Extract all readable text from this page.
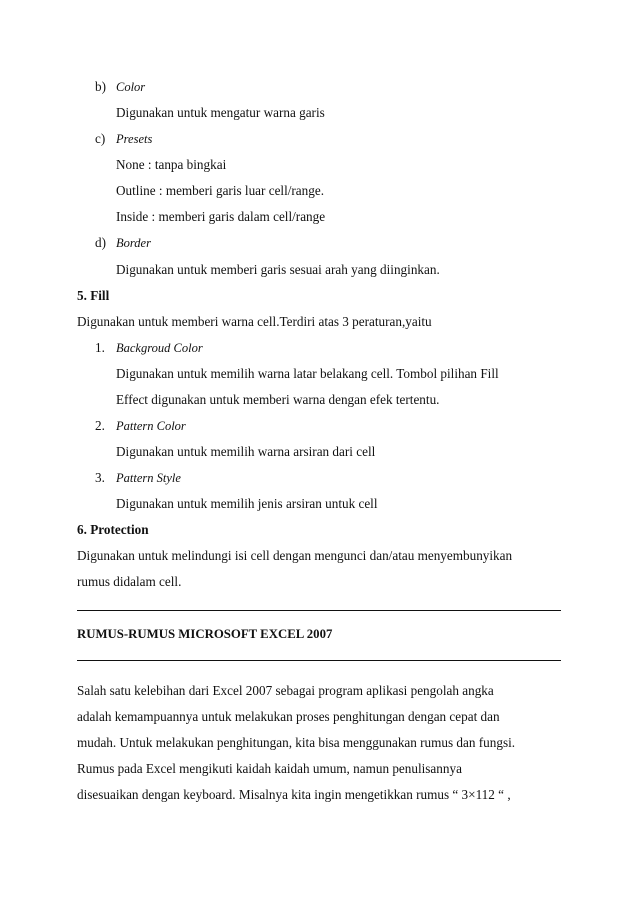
b) Color
Digunakan untuk mengatur warna garis
c) Presets
None : tanpa bingkai
Outline : memberi garis luar cell/range.
Inside : memberi garis dalam cell/range
d) Border
Digunakan untuk memberi garis sesuai arah yang diinginkan.
5. Fill
Digunakan untuk memberi warna cell.Terdiri atas 3 peraturan,yaitu
1. Backgroud Color
Digunakan untuk memilih warna latar belakang cell. Tombol pilihan Fill
Effect digunakan untuk memberi warna dengan efek tertentu.
2. Pattern Color
Digunakan untuk memilih warna arsiran dari cell
3. Pattern Style
Digunakan untuk memilih jenis arsiran untuk cell
6. Protection
Digunakan untuk melindungi isi cell dengan mengunci dan/atau menyembunyikan
rumus didalam cell.
RUMUS-RUMUS MICROSOFT EXCEL 2007
Salah satu kelebihan dari Excel 2007 sebagai program aplikasi pengolah angka
adalah kemampuannya untuk melakukan proses penghitungan dengan cepat dan
mudah. Untuk melakukan penghitungan, kita bisa menggunakan rumus dan fungsi.
Rumus pada Excel mengikuti kaidah kaidah umum, namun penulisannya
disesuaikan dengan keyboard. Misalnya kita ingin mengetikkan rumus “ 3×112 “ ,
